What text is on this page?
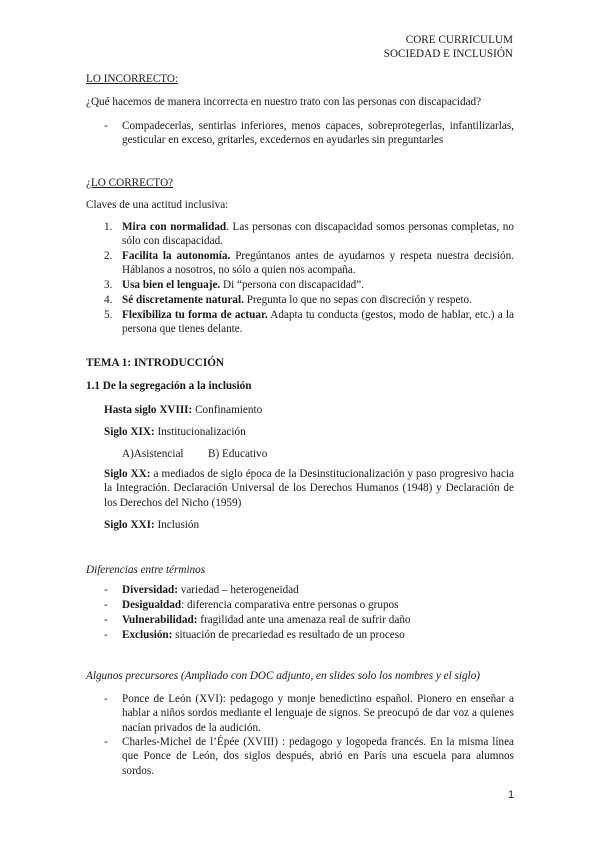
CORE CURRICULUM
SOCIEDAD E INCLUSIÓN
LO INCORRECTO:
¿Qué hacemos de manera incorrecta en nuestro trato con las personas con discapacidad?
- Compadecerlas, sentirlas inferiores, menos capaces, sobreprotegerlas, infantilizarlas, gesticular en exceso, gritarles, excedernos en ayudarles sin preguntarles
¿LO CORRECTO?
Claves de una actitud inclusiva:
1. Mira con normalidad. Las personas con discapacidad somos personas completas, no sólo con discapacidad.
2. Facilita la autonomía. Pregúntanos antes de ayudarnos y respeta nuestra decisión. Háblanos a nosotros, no sólo a quien nos acompaña.
3. Usa bien el lenguaje. Di “persona con discapacidad”.
4. Sé discretamente natural. Pregunta lo que no sepas con discreción y respeto.
5. Flexibiliza tu forma de actuar. Adapta tu conducta (gestos, modo de hablar, etc.) a la persona que tienes delante.
TEMA 1: INTRODUCCIÓN
1.1 De la segregación a la inclusión
Hasta siglo XVIII: Confinamiento
Siglo XIX: Institucionalización
A)Asistencial B) Educativo
Siglo XX: a mediados de siglo época de la Desinstitucionalización y paso progresivo hacia la Integración. Declaración Universal de los Derechos Humanos (1948) y Declaración de los Derechos del Nicho (1959)
Siglo XXI: Inclusión
Diferencias entre términos
- Diversidad: variedad – heterogeneidad
- Desigualdad: diferencia comparativa entre personas o grupos
- Vulnerabilidad: fragilidad ante una amenaza real de sufrir daño
- Exclusión: situación de precariedad es resultado de un proceso
Algunos precursores (Ampliado con DOC adjunto, en slides solo los nombres y el siglo)
- Ponce de León (XVI): pedagogo y monje benedictino español. Pionero en enseñar a hablar a niños sordos mediante el lenguaje de signos. Se preocupó de dar voz a quienes nacían privados de la audición.
- Charles-Michel de l’Épée (XVIII) : pedagogo y logopeda francés. En la misma línea que Ponce de León, dos siglos después, abrió en París una escuela para alumnos sordos.
1
